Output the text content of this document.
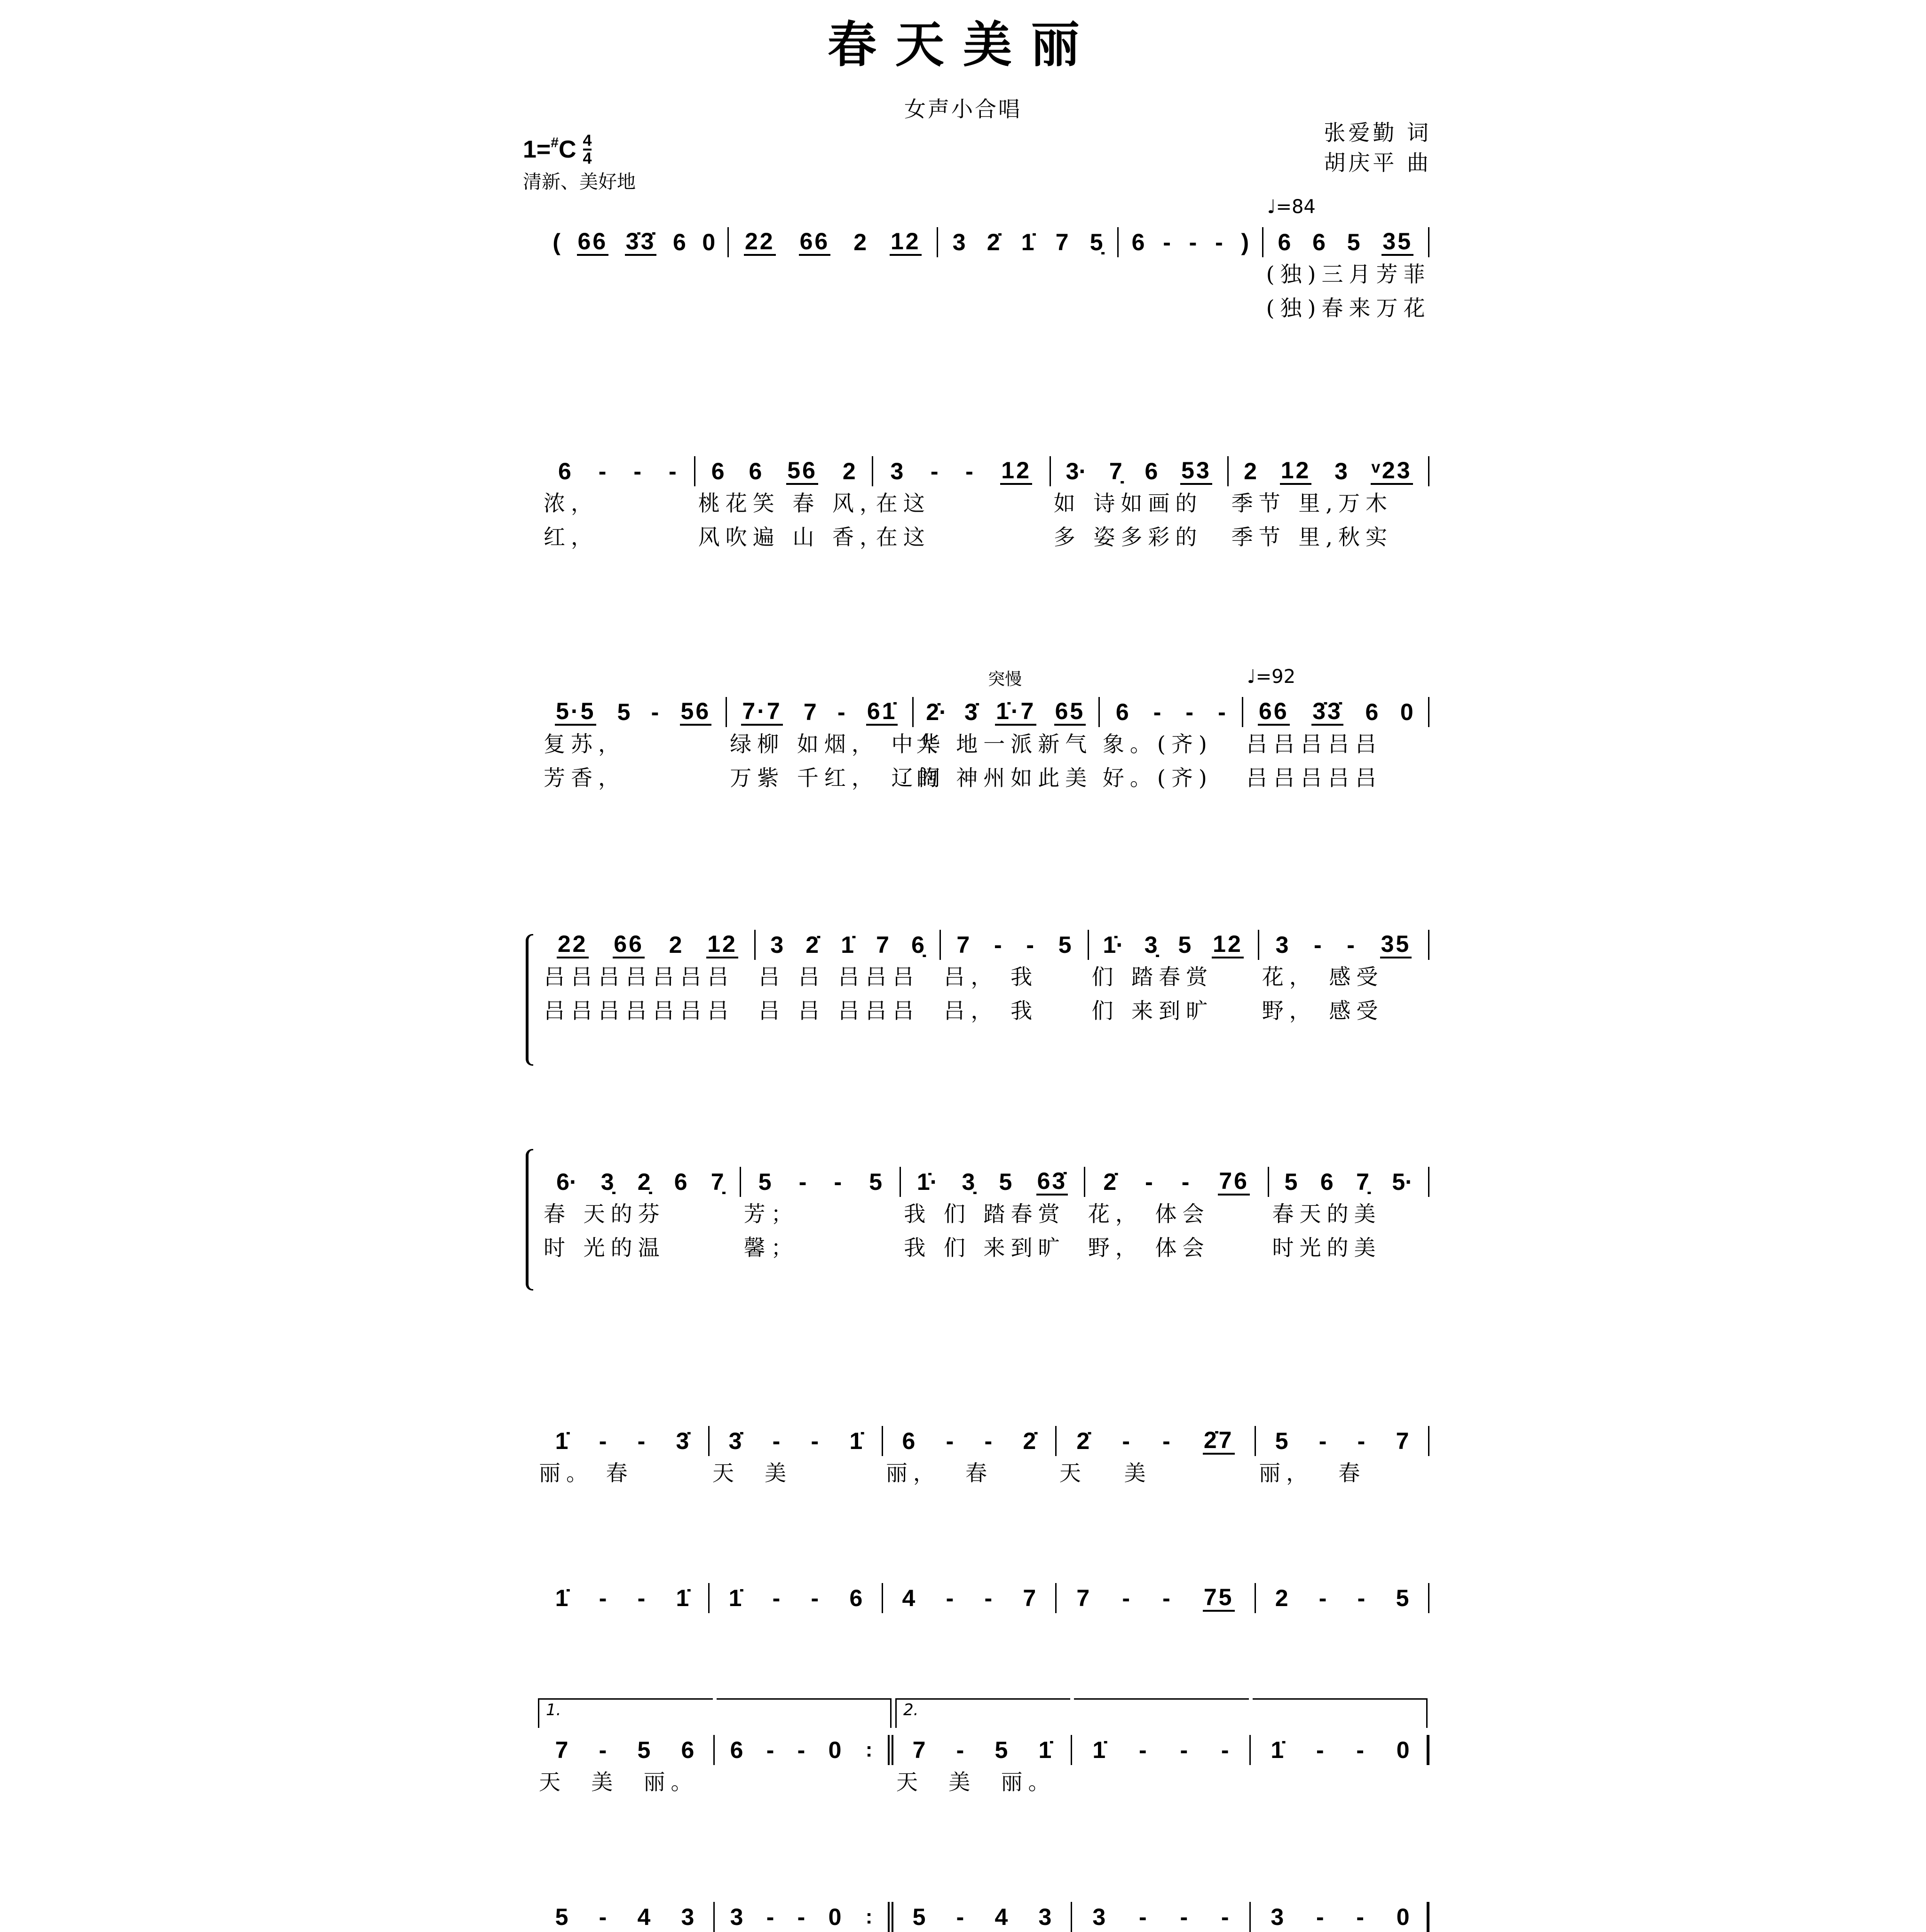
春天美丽
女声小合唱
1=# C $\frac{4}{4}$
清新、美好地
张爱勤 词
胡庆平 曲
( 66 3̇3̇ 6 0 22 66 2 12 3 2̇ 1̇ 7 5̣ 6 - - - ) 6 6 5 35
(独)三月芳菲
(独)春来万花
♩=84
6 - - -
浓，
红，
6 6 56 2
桃花笑 春 风，
风吹遍 山 香，
3 - - 12
在这
在这
3· 7̣ 6 53
如 诗如画的
多 姿多彩的
2 12 3 ᵛ23
季节 里,万木
季节 里,秋实
5·5 5 - 56
复苏，
芳香，
7·7 7 - 61̇
绿柳 如烟， 中华
万紫 千红， 辽阔
2̇· 3̇ 1̇·7 65
大 地一派新气
的 神州如此美
突慢
6 - - -
象。(齐)
好。(齐)
66 3̇3̇ 6 0
吕吕吕吕吕
吕吕吕吕吕
♩=92
22 66 2 12
吕吕吕吕吕吕吕
吕吕吕吕吕吕吕
3 2̇ 1̇ 7 6̣
吕 吕 吕吕吕
吕 吕 吕吕吕
7 - - 5
吕， 我
吕， 我
1̇· 3̣ 5 12
们 踏春赏
们 来到旷
3 - - 35
花， 感受
野， 感受
6· 3̣ 2̣ 6 7̣
春 天的芬
时 光的温
5 - - 5
芳；
馨；
1̇· 3̣ 5 63̇
我 们 踏春赏
我 们 来到旷
2̇ - - 76
花， 体会
野， 体会
5 6 7̣ 5·
春天的美
时光的美
1̇ - - 3̇
丽。 春
3̇ - - 1̇
天  美
6 - - 2̇
丽，  春
2̇ - - 2̇7
天   美
5 - - 7
丽，  春
1̇ - - 1̇ 1̇ - - 6 4 - - 7 7 - - 75 2 - - 5
7 - 5 6
天  美  丽。
1.
6 - - 0
:	7 - 5 1̇
天  美  丽。
2.
1̇ - - - 1̇ - - 0
5 - 4 3 3 - - 0
:	5 - 4 3 3 - - - 3 - - 0
